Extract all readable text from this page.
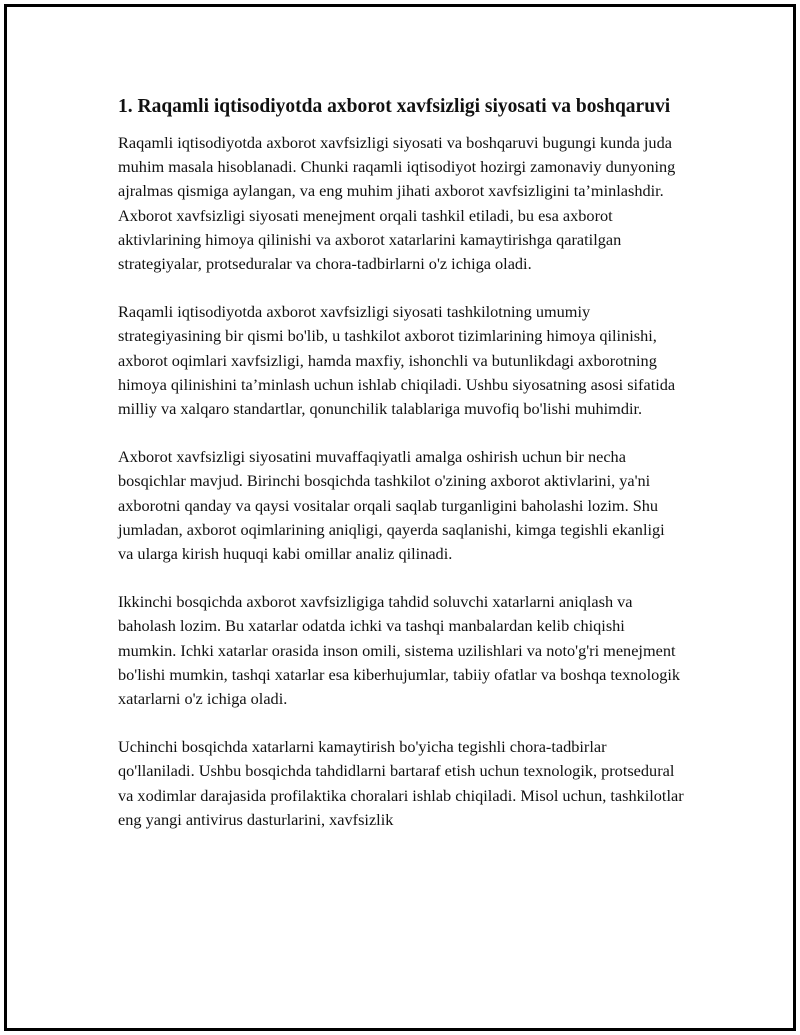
1. Raqamli iqtisodiyotda axborot xavfsizligi siyosati va boshqaruvi

Raqamli iqtisodiyotda axborot xavfsizligi siyosati va boshqaruvi bugungi kunda juda muhim masala hisoblanadi. Chunki raqamli iqtisodiyot hozirgi zamonaviy dunyoning ajralmas qismiga aylangan, va eng muhim jihati axborot xavfsizligini ta’minlashdir. Axborot xavfsizligi siyosati menejment orqali tashkil etiladi, bu esa axborot aktivlarining himoya qilinishi va axborot xatarlarini kamaytirishga qaratilgan strategiyalar, protseduralar va chora-tadbirlarni o'z ichiga oladi.

Raqamli iqtisodiyotda axborot xavfsizligi siyosati tashkilotning umumiy strategiyasining bir qismi bo'lib, u tashkilot axborot tizimlarining himoya qilinishi, axborot oqimlari xavfsizligi, hamda maxfiy, ishonchli va butunlikdagi axborotning himoya qilinishini ta’minlash uchun ishlab chiqiladi. Ushbu siyosatning asosi sifatida milliy va xalqaro standartlar, qonunchilik talablariga muvofiq bo'lishi muhimdir.

Axborot xavfsizligi siyosatini muvaffaqiyatli amalga oshirish uchun bir necha bosqichlar mavjud. Birinchi bosqichda tashkilot o'zining axborot aktivlarini, ya'ni axborotni qanday va qaysi vositalar orqali saqlab turganligini baholashi lozim. Shu jumladan, axborot oqimlarining aniqligi, qayerda saqlanishi, kimga tegishli ekanligi va ularga kirish huquqi kabi omillar analiz qilinadi.

Ikkinchi bosqichda axborot xavfsizligiga tahdid soluvchi xatarlarni aniqlash va baholash lozim. Bu xatarlar odatda ichki va tashqi manbalardan kelib chiqishi mumkin. Ichki xatarlar orasida inson omili, sistema uzilishlari va noto'g'ri menejment bo'lishi mumkin, tashqi xatarlar esa kiberhujumlar, tabiiy ofatlar va boshqa texnologik xatarlarni o'z ichiga oladi.

Uchinchi bosqichda xatarlarni kamaytirish bo'yicha tegishli chora-tadbirlar qo'llaniladi. Ushbu bosqichda tahdidlarni bartaraf etish uchun texnologik, protsedural va xodimlar darajasida profilaktika choralari ishlab chiqiladi. Misol uchun, tashkilotlar eng yangi antivirus dasturlarini, xavfsizlik
